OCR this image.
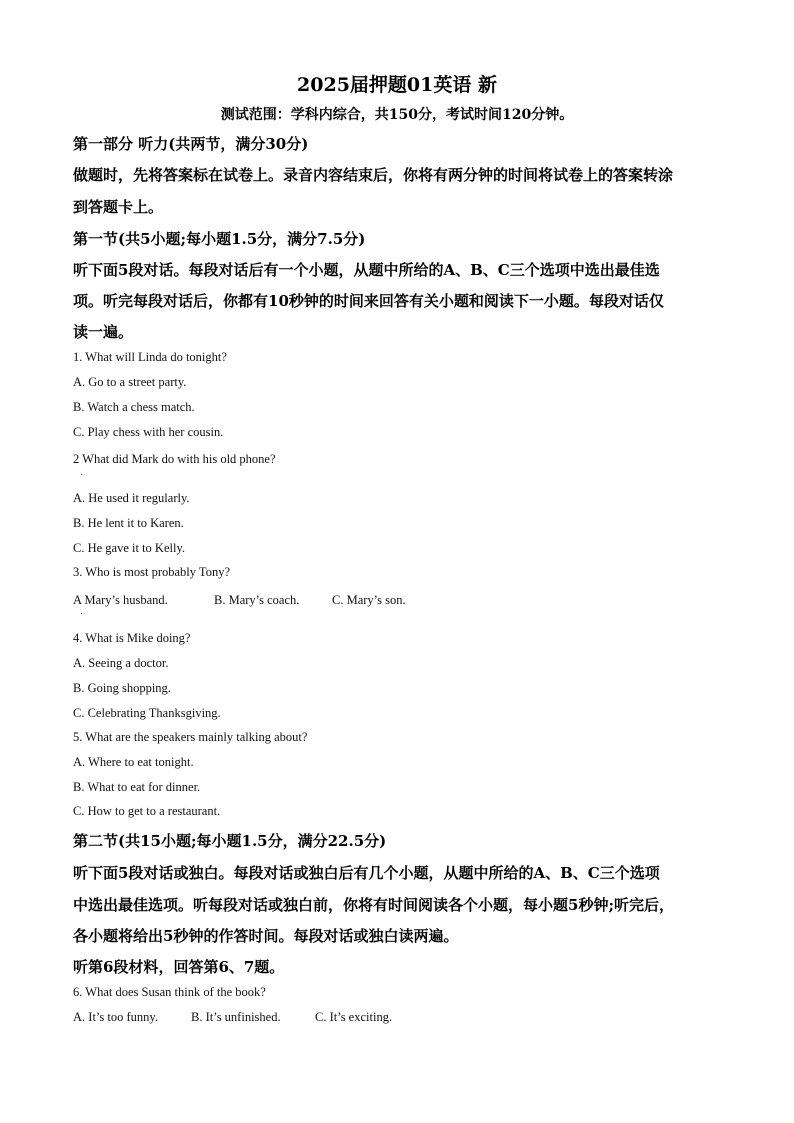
2025届押题01英语 新
测试范围：学科内综合，共150分，考试时间120分钟。
第一部分 听力(共两节，满分30分)
做题时，先将答案标在试卷上。录音内容结束后，你将有两分钟的时间将试卷上的答案转涂
到答题卡上。
第一节(共5小题;每小题1.5分，满分7.5分)
听下面5段对话。每段对话后有一个小题，从题中所给的A、B、C三个选项中选出最佳选
项。听完每段对话后，你都有10秒钟的时间来回答有关小题和阅读下一小题。每段对话仅
读一遍。
1. What will Linda do tonight?
A. Go to a street party.
B. Watch a chess match.
C. Play chess with her cousin.
2 What did Mark do with his old phone?
·
A. He used it regularly.
B. He lent it to Karen.
C. He gave it to Kelly.
3. Who is most probably Tony?
A Mary’s husband.	B. Mary’s coach.	C. Mary’s son.
·
4. What is Mike doing?
A. Seeing a doctor.
B. Going shopping.
C. Celebrating Thanksgiving.
5. What are the speakers mainly talking about?
A. Where to eat tonight.
B. What to eat for dinner.
C. How to get to a restaurant.
第二节(共15小题;每小题1.5分，满分22.5分)
听下面5段对话或独白。每段对话或独白后有几个小题，从题中所给的A、B、C三个选项
中选出最佳选项。听每段对话或独白前，你将有时间阅读各个小题，每小题5秒钟;听完后，
各小题将给出5秒钟的作答时间。每段对话或独白读两遍。
听第6段材料，回答第6、7题。
6. What does Susan think of the book?
A. It’s too funny.	B. It’s unfinished.	C. It’s exciting.
